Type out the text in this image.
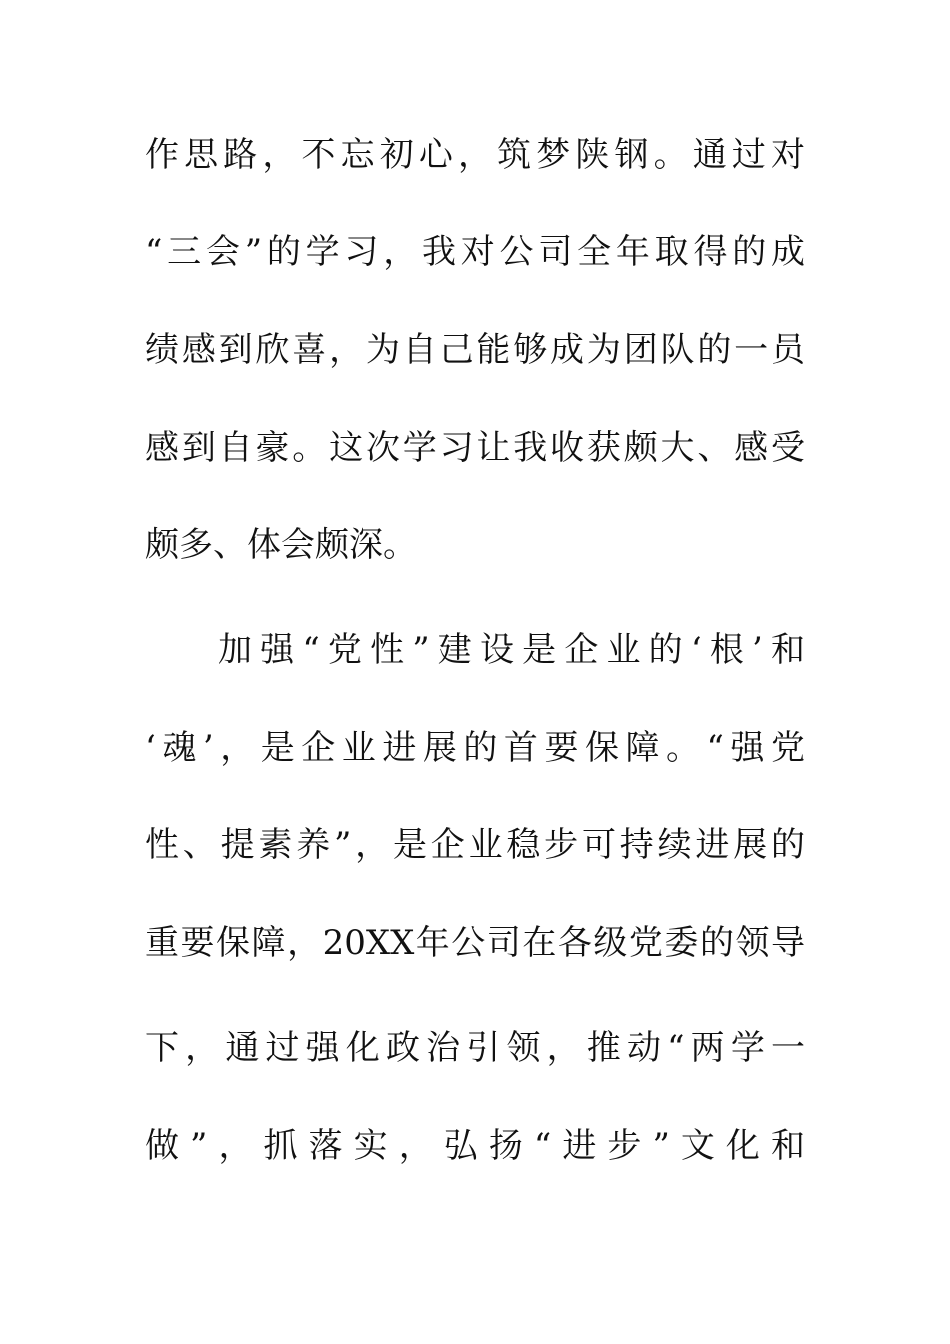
作思路，不忘初心，筑梦陕钢。通过对
“三会”的学习，我对公司全年取得的成
绩感到欣喜，为自己能够成为团队的一员
感到自豪。这次学习让我收获颇大、感受
颇多、体会颇深。
加强“党性”建设是企业的‘根’和
‘魂’，是企业进展的首要保障。“强党
性、提素养”，是企业稳步可持续进展的
重要保障，20XX年公司在各级党委的领导
下，通过强化政治引领，推动“两学一
做”，抓落实，弘扬“进步”文化和
